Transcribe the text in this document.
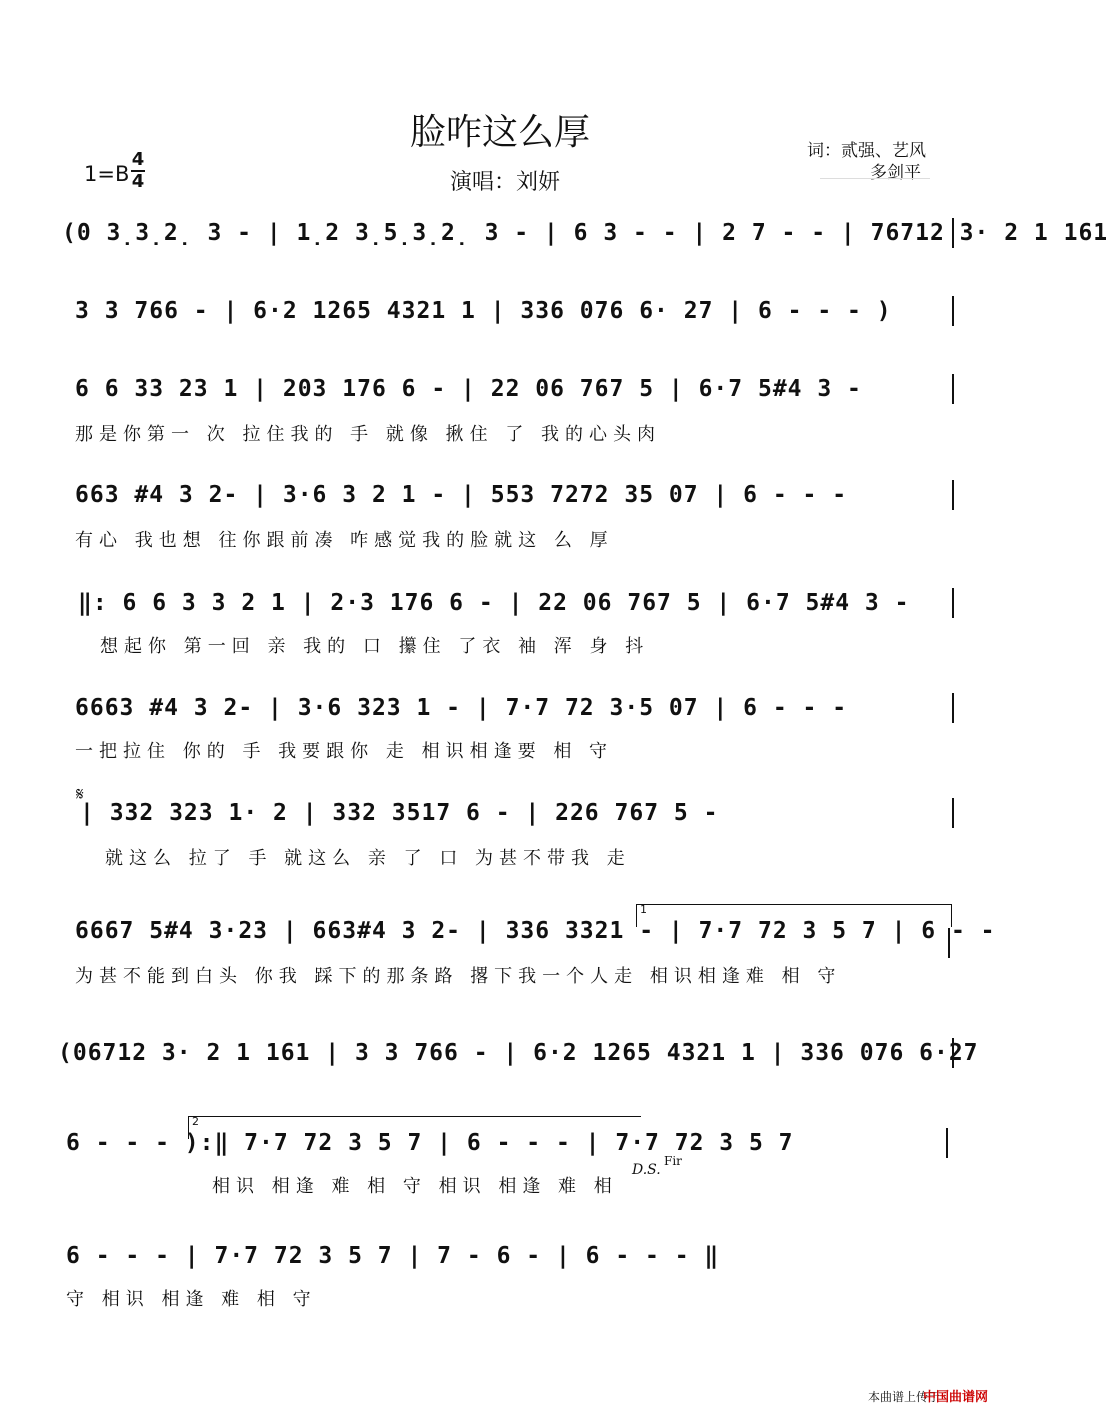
脸咋这么厚
1=B
4
4	演唱：刘妍
词：贰强、艺风
多剑平
(0 3̣3̣2̣ 3 - | 1̣2 3̣5̣3̣2̣ 3 - | 6 3 - - | 2 7 - - | 76712 3· 2 1 161
3 3 766 - | 6·2 1265 4321 1 | 336 076 6· 27 | 6 - - - )
6 6 33 23 1 | 203 176 6 - | 22 06 767 5 | 6·7 5#4 3 -
那是你第一 次 拉住我的 手 就像 揪住 了 我的心头肉
663 #4 3 2- | 3·6 3 2 1 - | 553 7272 35 07 | 6 - - -
有心 我也想 往你跟前凑 咋感觉我的脸就这 么 厚
‖: 6 6 3 3 2 1 | 2·3 176 6 - | 22 06 767 5 | 6·7 5#4 3 -
想起你 第一回 亲 我的 口 攥住 了衣 袖 浑 身 抖
6663 #4 3 2- | 3·6 323 1 - | 7·7 72 3·5 07 | 6 - - -
一把拉住 你的 手 我要跟你 走 相识相逢要 相 守
𝄋
| 332 323 1· 2 | 332 3517 6 - | 226 767 5 -
就这么 拉了 手 就这么 亲 了 口 为甚不带我 走
1
6667 5#4 3·23 | 663#4 3 2- | 336 3321 - | 7·7 72 3 5 7 | 6 - -
为甚不能到白头 你我 踩下的那条路 撂下我一个人走 相识相逢难 相 守
(06712 3· 2 1 161 | 3 3 766 - | 6·2 1265 4321 1 | 336 076 6·27
2
6 - - - ):‖ 7·7 72 3 5 7 | 6 - - - | 7·7 72 3 5 7
相识 相逢 难 相 守 相识 相逢 难 相
D.S.
Fir
6 - - - | 7·7 72 3 5 7 | 7 - 6 - | 6 - - - ‖
守 相识 相逢 难 相 守
本曲谱上传于
中国曲谱网
